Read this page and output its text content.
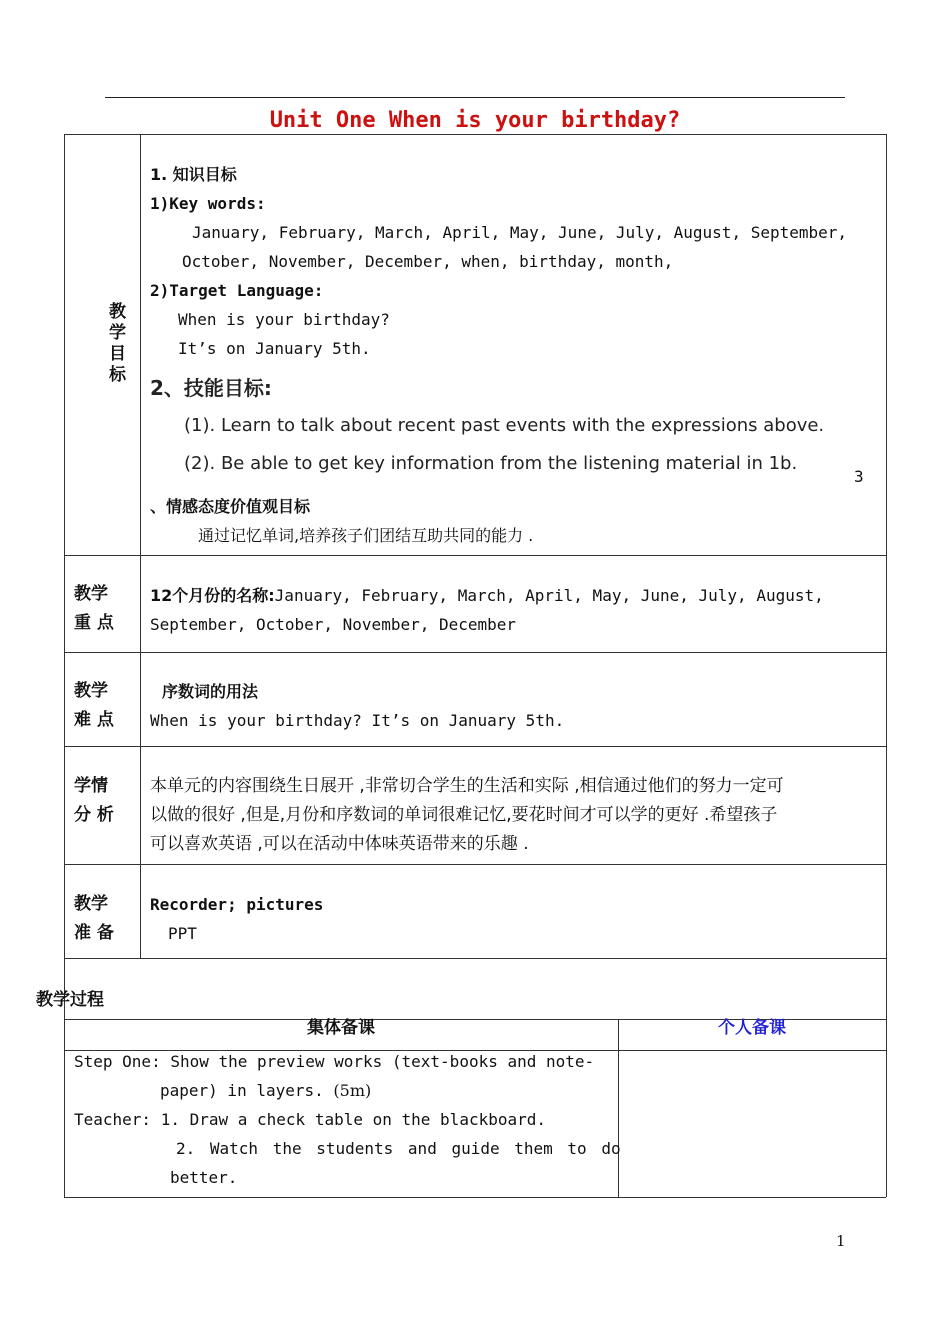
Unit One When is your birthday?
教
学
目
标
1. 知识目标
1)Key words:
January, February, March, April, May, June, July, August, September,
October, November, December, when, birthday, month,
2)Target Language:
When is your birthday?
It’s on January 5th.
2、技能目标:
(1). Learn to talk about recent past events with the expressions above.
(2). Be able to get key information from the listening material in 1b.
3
、情感态度价值观目标
通过记忆单词,培养孩子们团结互助共同的能力 .
教学
重 点
12个月份的名称:January, February, March, April, May, June, July, August,
September, October, November, December
教学
难 点
序数词的用法
When is your birthday? It’s on January 5th.
学情
分 析
本单元的内容围绕生日展开 ,非常切合学生的生活和实际 ,相信通过他们的努力一定可
以做的很好 ,但是,月份和序数词的单词很难记忆,要花时间才可以学的更好 .希望孩子
可以喜欢英语 ,可以在活动中体味英语带来的乐趣 .
教学
准 备
Recorder; pictures
PPT
集体备课	个人备课
Step One: Show the preview works (text-books and note-
paper) in layers. (5m)
Teacher: 1. Draw a check table on the blackboard.
2. Watch the students and guide them to do
better.
教学过程
1
